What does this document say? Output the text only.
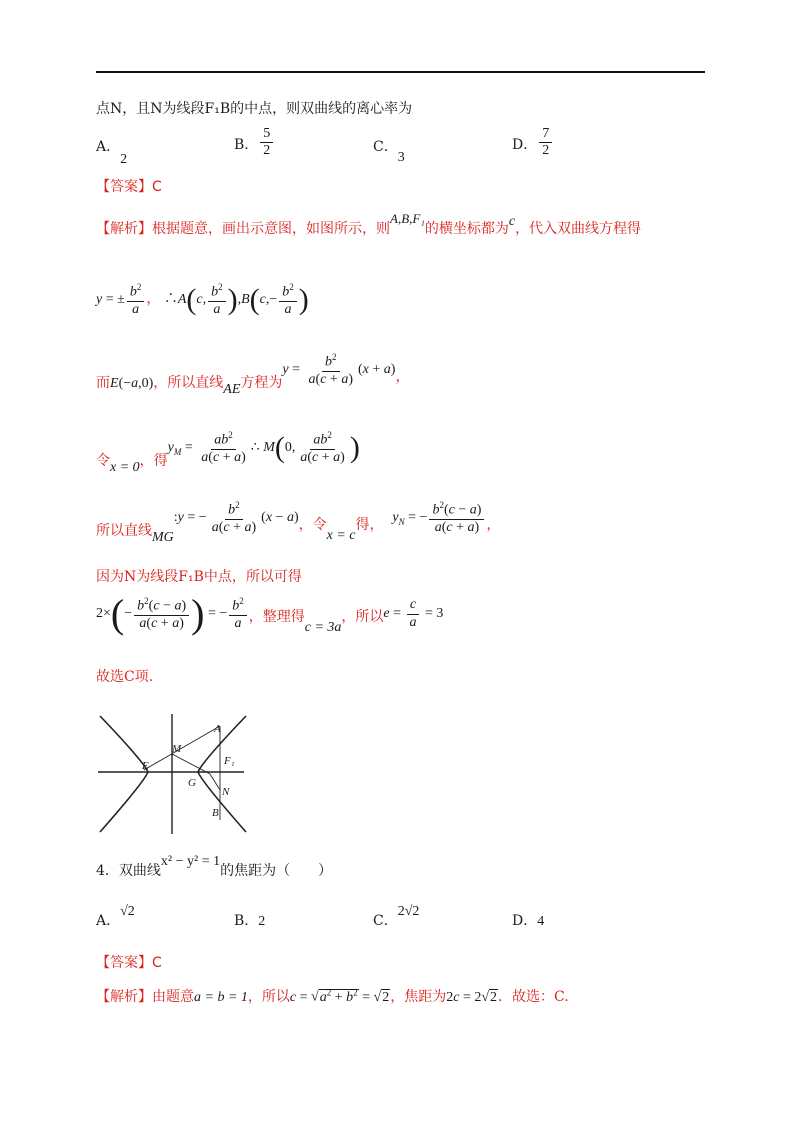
点N，且N为线段F₁B的中点，则双曲线的离心率为
A．2
B． $\frac{5}{2}$	C．3
D． $\frac{7}{2}$
【答案】C
【解析】根据题意，画出示意图，如图所示，则A,B,F₁的横坐标都为c，代入双曲线方程得
y = ± $\frac{b^2}{a}$ ， ∴A(c, $\frac{b^2}{a} ),B(c,- \frac{b^2}{a}$ )
而E(−a,0)，所以直线AE方程为$y = \frac{b^2}{a(c + a)} (x + a)$，
令x = 0，得$y_M = \frac{ab^2}{a(c + a)}$ ∴ M(0, $\frac{ab^2}{a(c + a)}$ )
所以直线MG:y = − $\frac{b^2}{a(c + a)} (x - a)$，令x = c得， $y_N$ = − $\frac{b^2(c - a)}{a(c + a)}$ ，
因为N为线段F₁B中点，所以可得
$2\times(- \frac{b^2(c - a)}{a(c + a)}$ ) = − $\frac{b^2}{a}$ ，整理得c = 3a，所以$e = \frac{c}{a} = 3$
故选C项.
A
M
E	F₁
G
N
B
4．双曲线x² − y² = 1的焦距为（　　）
A．√2
B．2	C．2√2
D．4
【答案】C
【解析】由题意a = b = 1，所以$c = √a^2 + b^2 = √2$，焦距为2c = 2√2．故选：C.
